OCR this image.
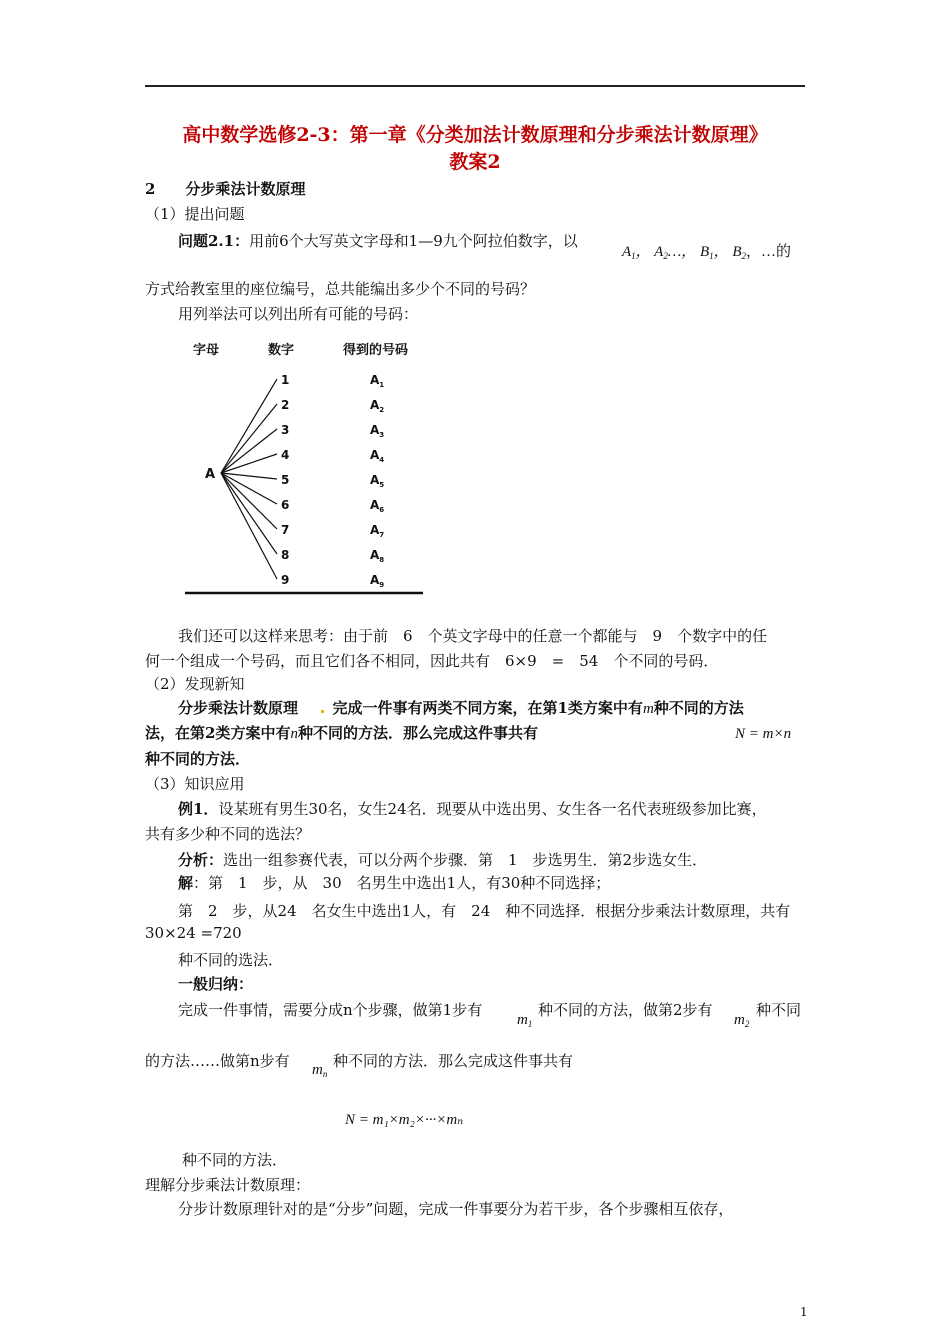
高中数学选修2-3：第一章《分类加法计数原理和分步乘法计数原理》
教案2
2　　分步乘法计数原理
（1）提出问题
问题2.1：用前6个大写英文字母和1—9九个阿拉伯数字，以
$A_1$， $A_2\dots$， $B_1$， $B_2$，…的
方式给教室里的座位编号，总共能编出多少个不同的号码？
用列举法可以列出所有可能的号码：
字母	数字	得到的号码
A
1	$A_1$
2	$A_2$
3	$A_3$
4	$A_4$
5	$A_5$
6	$A_6$
7	$A_7$
8	$A_8$
9	$A_9$
我们还可以这样来思考：由于前　6　个英文字母中的任意一个都能与　9　个数字中的任
何一个组成一个号码，而且它们各不相同，因此共有　6×9　=　54　个不同的号码．
（2）发现新知
分步乘法计数原理 完成一件事有两类不同方案，在第1类方案中有m种不同的方法
法，在第2类方案中有n种不同的方法．那么完成这件事共有	N = m×n
种不同的方法．
（3）知识应用
例1．设某班有男生30名，女生24名．现要从中选出男、女生各一名代表班级参加比赛，
共有多少种不同的选法？
分析：选出一组参赛代表，可以分两个步骤．第　1　步选男生．第2步选女生．
解：第　1　步，从　30　名男生中选出1人，有30种不同选择；
第　2　步，从24　名女生中选出1人，有　24　种不同选择．根据分步乘法计数原理，共有
30×24 =720
种不同的选法．
一般归纳：
完成一件事情，需要分成n个步骤，做第1步有
$m_1$
种不同的方法，做第2步有
$m_2$
种不同
的方法……做第n步有 $m_n$
种不同的方法．那么完成这件事共有
N = m₁×m₂×···×mₙ
种不同的方法．
理解分步乘法计数原理：
分步计数原理针对的是“分步”问题，完成一件事要分为若干步，各个步骤相互依存，
1
